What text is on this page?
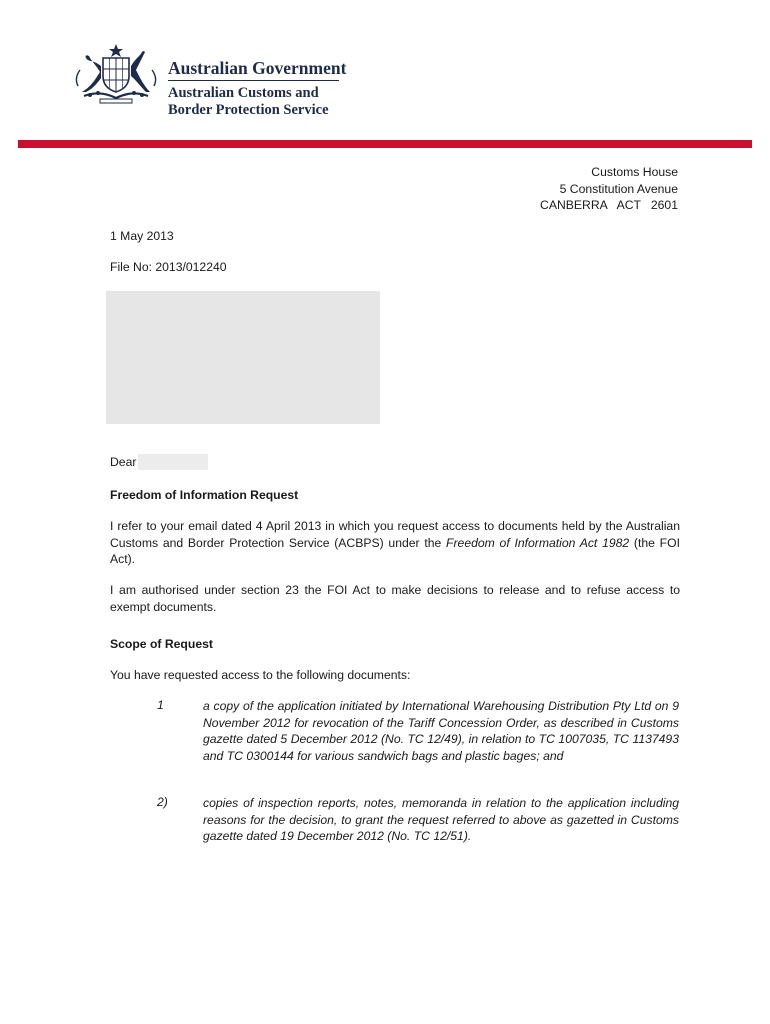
Australian Government
Australian Customs and
Border Protection Service
Customs House
5 Constitution Avenue
CANBERRA   ACT   2601
1 May 2013
File No: 2013/012240
Dear
Freedom of Information Request
I refer to your email dated 4 April 2013 in which you request access to documents held by the Australian Customs and Border Protection Service (ACBPS) under the Freedom of Information Act 1982 (the FOI Act).
I am authorised under section 23 the FOI Act to make decisions to release and to refuse access to exempt documents.
Scope of Request
You have requested access to the following documents:
1	a copy of the application initiated by International Warehousing Distribution Pty Ltd on 9 November 2012 for revocation of the Tariff Concession Order, as described in Customs gazette dated 5 December 2012 (No. TC 12/49), in relation to TC 1007035, TC 1137493 and TC 0300144 for various sandwich bags and plastic bages; and
2)	copies of inspection reports, notes, memoranda in relation to the application including reasons for the decision, to grant the request referred to above as gazetted in Customs gazette dated 19 December 2012 (No. TC 12/51).
